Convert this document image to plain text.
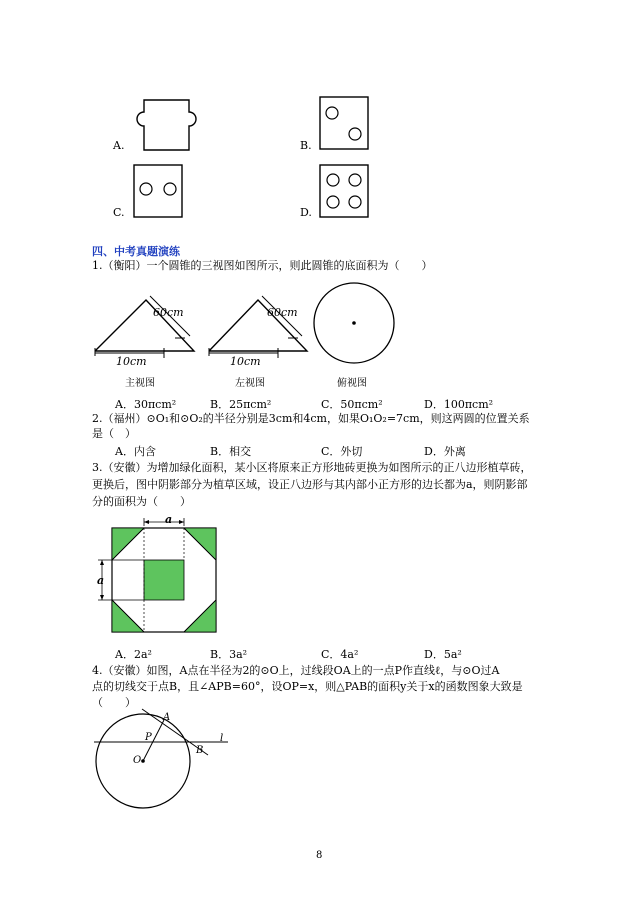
A.	B.
C.	D.
四、中考真题演练
1.（衡阳）一个圆锥的三视图如图所示，则此圆锥的底面积为（　　）
60cm	60cm
10cm	10cm
主视图	左视图	俯视图
A．30πcm²	B．25πcm²	C．50πcm²	D．100πcm²
2.（福州）⊙O₁和⊙O₂的半径分别是3cm和4cm，如果O₁O₂=7cm，则这两圆的位置关系
是（　）
A．内含	B．相交	C．外切	D．外离
3.（安徽）为增加绿化面积，某小区将原来正方形地砖更换为如图所示的正八边形植草砖，
更换后，图中阴影部分为植草区域，设正八边形与其内部小正方形的边长都为a，则阴影部
分的面积为（　　）
a
a
A．2a²	B．3a²	C．4a²	D．5a²
4.（安徽）如图，A点在半径为2的⊙O上，过线段OA上的一点P作直线ℓ，与⊙O过A
点的切线交于点B，且∠APB=60°，设OP=x，则△PAB的面积y关于x的函数图象大致是
（　　）
A
P
B
O
l
8
